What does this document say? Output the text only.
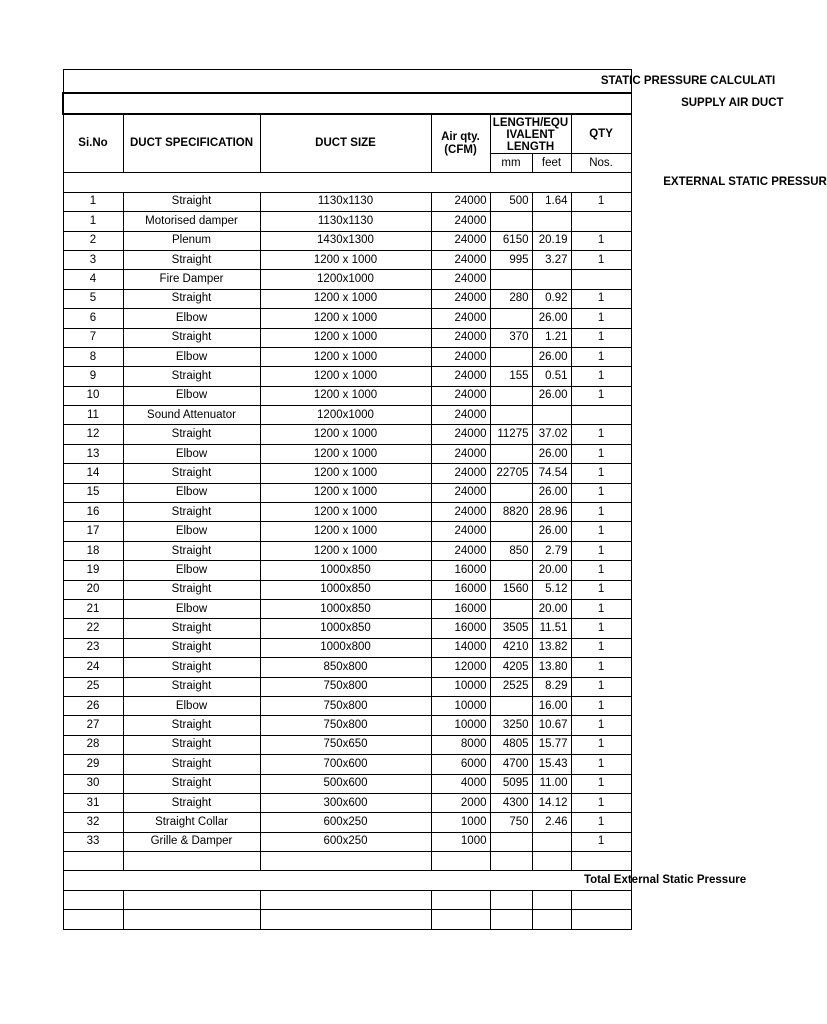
STATIC PRESSURE CALCULATI						

SUPPLY AIR DUCT						

Si.No	DUCT SPECIFICATION	DUCT SIZE	Air qty. (CFM)	LENGTH/EQU IVALENT LENGTH		QTY
				mm	feet	Nos.

EXTERNAL STATIC PRESSUR						

1	Straight	1130x1130	24000	500	1.64	1
1	Motorised damper	1130x1130	24000			
2	Plenum	1430x1300	24000	6150	20.19	1
3	Straight	1200 x 1000	24000	995	3.27	1
4	Fire Damper	1200x1000	24000			
5	Straight	1200 x 1000	24000	280	0.92	1
6	Elbow	1200 x 1000	24000		26.00	1
7	Straight	1200 x 1000	24000	370	1.21	1
8	Elbow	1200 x 1000	24000		26.00	1
9	Straight	1200 x 1000	24000	155	0.51	1
10	Elbow	1200 x 1000	24000		26.00	1
11	Sound Attenuator	1200x1000	24000			
12	Straight	1200 x 1000	24000	11275	37.02	1
13	Elbow	1200 x 1000	24000		26.00	1
14	Straight	1200 x 1000	24000	22705	74.54	1
15	Elbow	1200 x 1000	24000		26.00	1
16	Straight	1200 x 1000	24000	8820	28.96	1
17	Elbow	1200 x 1000	24000		26.00	1
18	Straight	1200 x 1000	24000	850	2.79	1
19	Elbow	1000x850	16000		20.00	1
20	Straight	1000x850	16000	1560	5.12	1
21	Elbow	1000x850	16000		20.00	1
22	Straight	1000x850	16000	3505	11.51	1
23	Straight	1000x800	14000	4210	13.82	1
24	Straight	850x800	12000	4205	13.80	1
25	Straight	750x800	10000	2525	8.29	1
26	Elbow	750x800	10000		16.00	1
27	Straight	750x800	10000	3250	10.67	1
28	Straight	750x650	8000	4805	15.77	1
29	Straight	700x600	6000	4700	15.43	1
30	Straight	500x600	4000	5095	11.00	1
31	Straight	300x600	2000	4300	14.12	1
32	Straight Collar	600x250	1000	750	2.46	1
33	Grille & Damper	600x250	1000			1

Total External Static Pressure						
